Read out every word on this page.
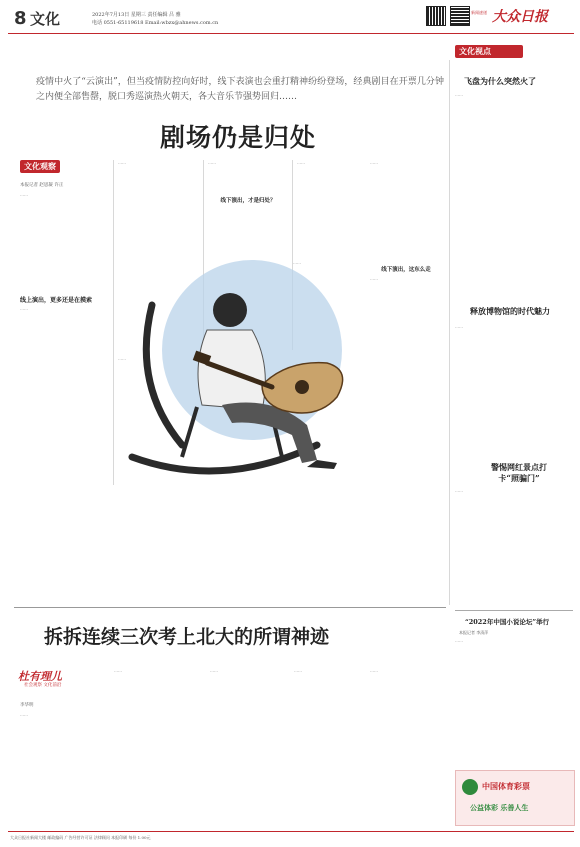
8 文化	2022年7月13日 星期三 责任编辑 吕 雅
电话 0551-65119618 Email:wbzx@ahnews.com.cn
新闻速递 大众日报
疫情中火了“云演出”，但当疫情防控向好时，线下表演也会重打精神纷纷登场，经典剧目在开票几分钟之内便全部售罄，脱口秀巡演热火朝天，各大音乐节强势回归……
剧场仍是归处
文化观察
本报记者 赵思凝 许正
……
线上演出，更多还是在摸索
……
……	……
线下演出，才是归处？
……
线下演出，这东么走
……
……
……
……
文化视点
飞盘为什么突然火了
……
释放博物馆的时代魅力
……
警惕网红景点打卡“照骗门”
……
“2022年中国小说论坛”举行
本报记者 李清萍
……
中国体育彩票
公益体彩 乐善人生
拆拆连续三次考上北大的所谓神迹
杜有理儿
社会观察 文化前沿
李华明
……
……	……	……	……
大众日报社新闻大楼 邮政编码 广告经营许可证 法律顾问 本报印刷 每份 1.00元
